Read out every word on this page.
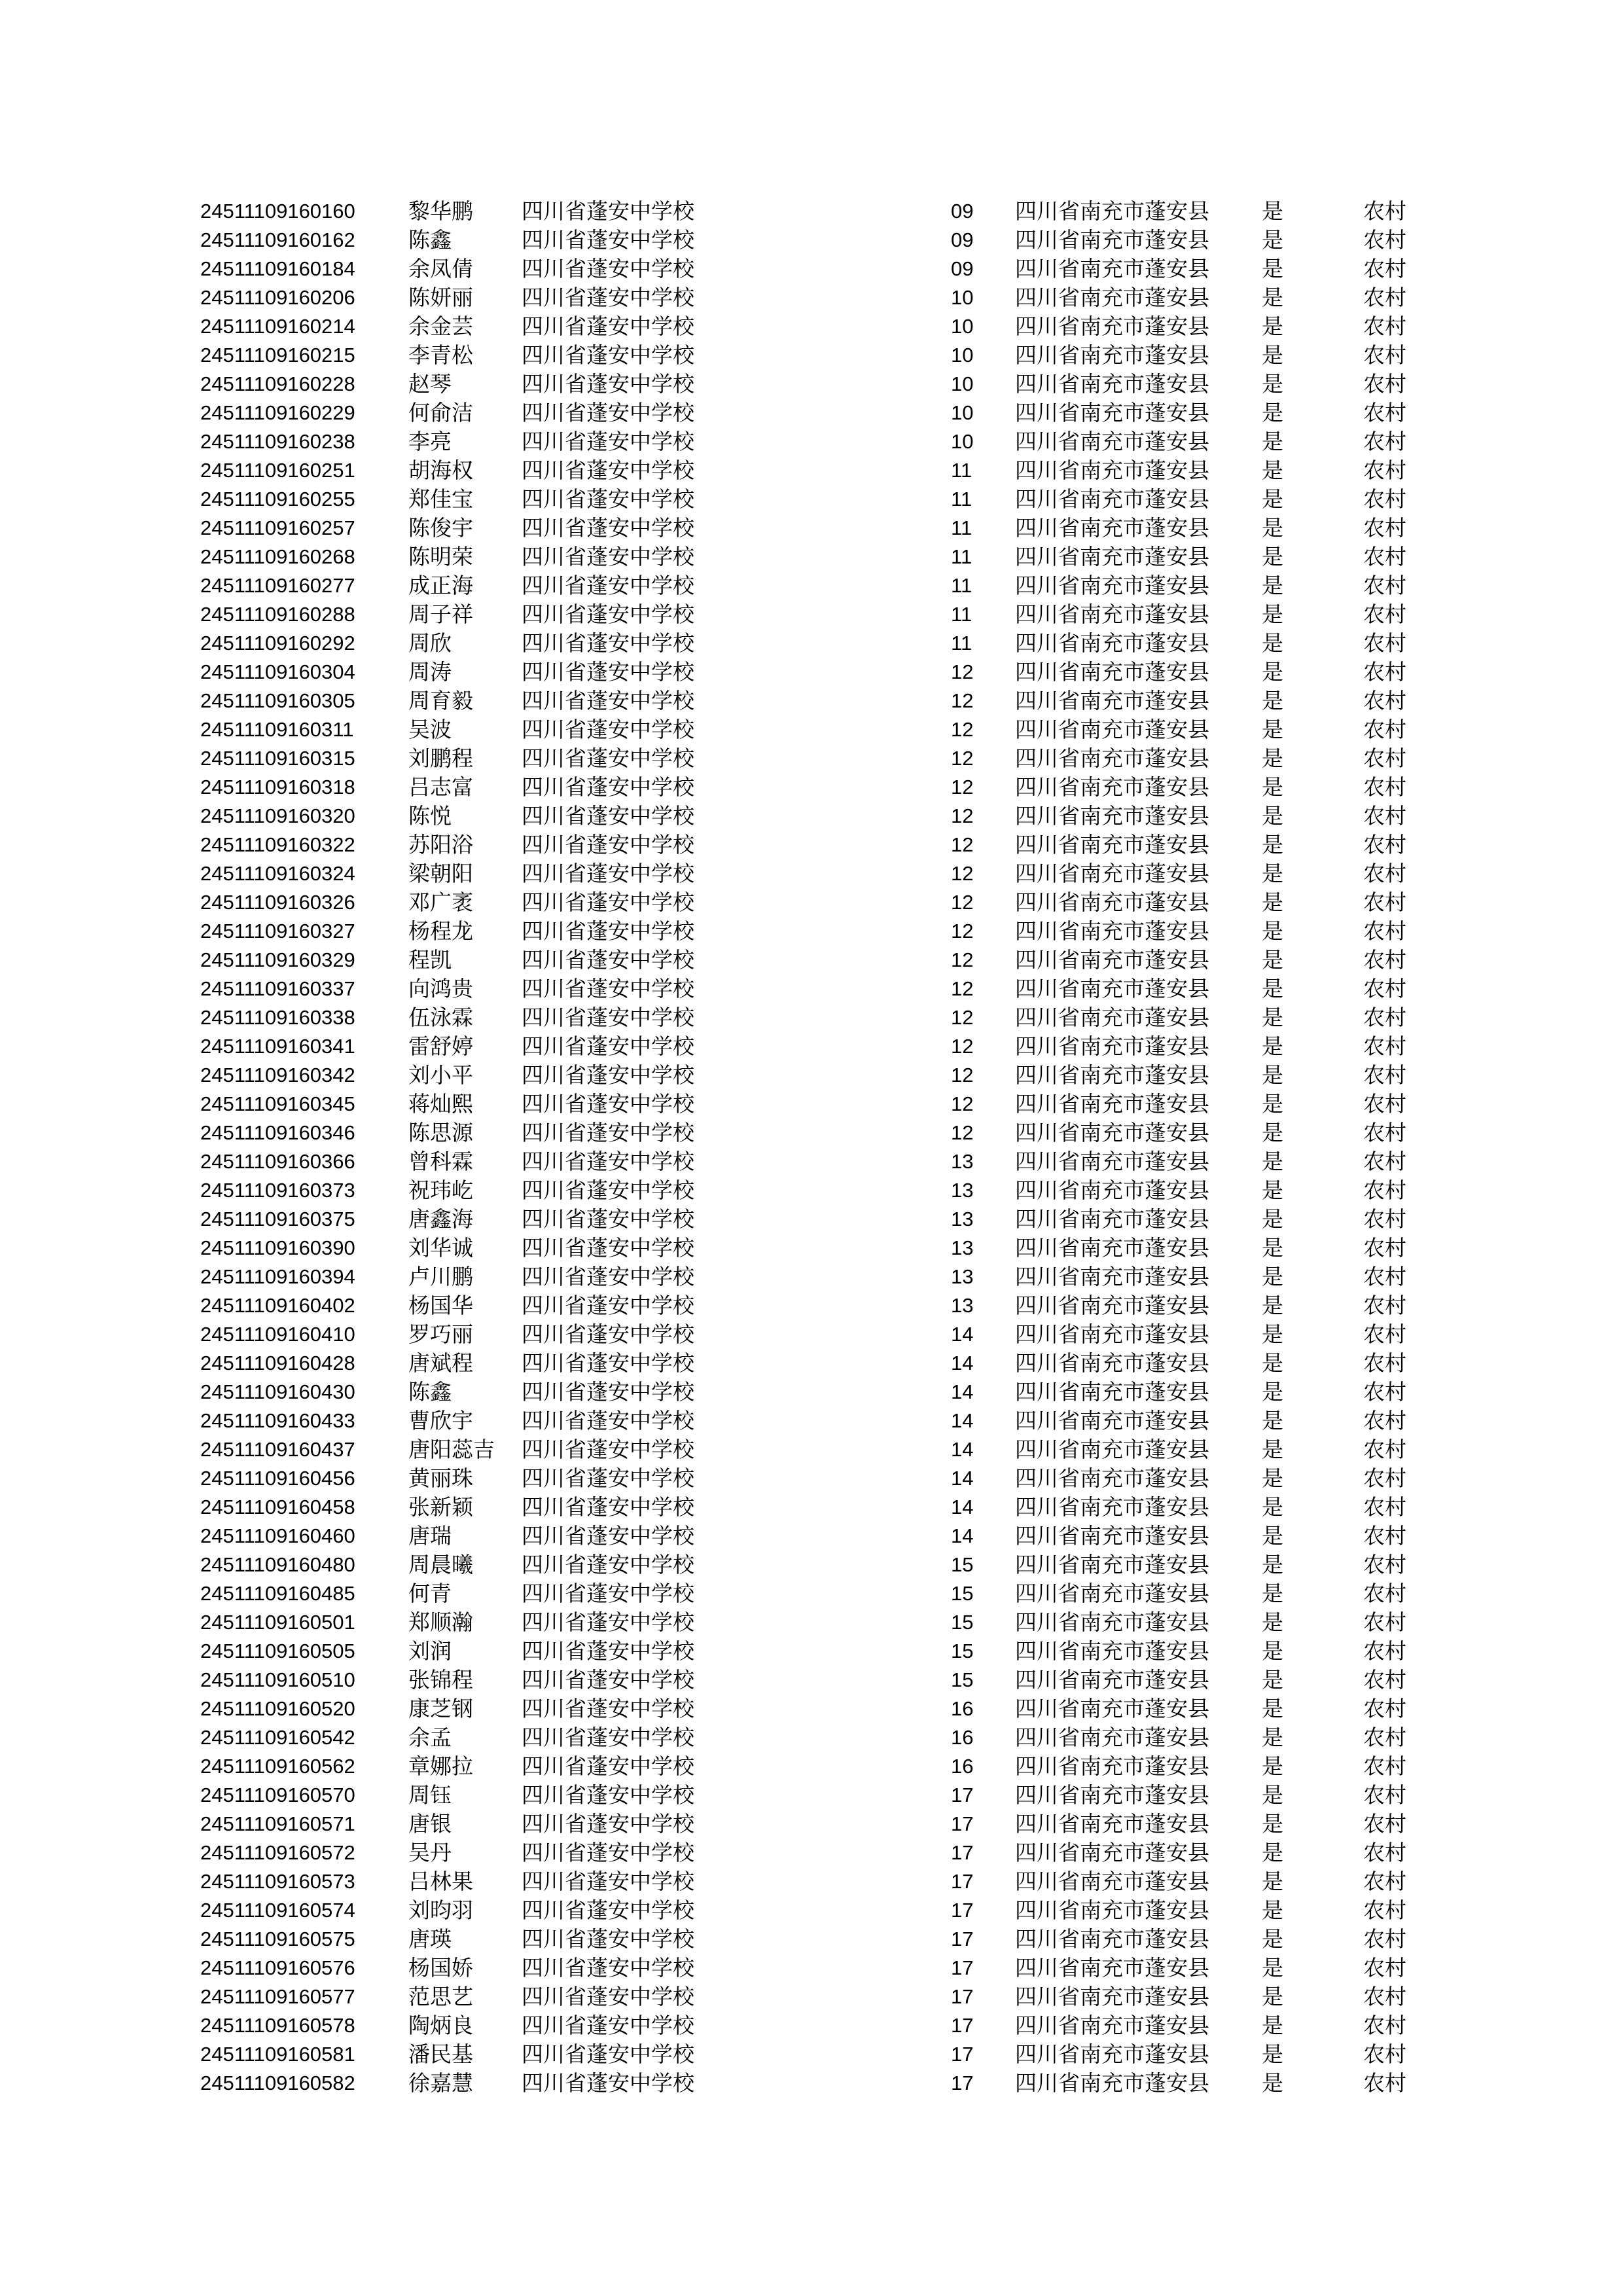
24511109160160	黎华鹏	四川省蓬安中学校	09	四川省南充市蓬安县	是	农村
24511109160162	陈鑫	四川省蓬安中学校	09	四川省南充市蓬安县	是	农村
24511109160184	余凤倩	四川省蓬安中学校	09	四川省南充市蓬安县	是	农村
24511109160206	陈妍丽	四川省蓬安中学校	10	四川省南充市蓬安县	是	农村
24511109160214	余金芸	四川省蓬安中学校	10	四川省南充市蓬安县	是	农村
24511109160215	李青松	四川省蓬安中学校	10	四川省南充市蓬安县	是	农村
24511109160228	赵琴	四川省蓬安中学校	10	四川省南充市蓬安县	是	农村
24511109160229	何俞洁	四川省蓬安中学校	10	四川省南充市蓬安县	是	农村
24511109160238	李亮	四川省蓬安中学校	10	四川省南充市蓬安县	是	农村
24511109160251	胡海权	四川省蓬安中学校	11	四川省南充市蓬安县	是	农村
24511109160255	郑佳宝	四川省蓬安中学校	11	四川省南充市蓬安县	是	农村
24511109160257	陈俊宇	四川省蓬安中学校	11	四川省南充市蓬安县	是	农村
24511109160268	陈明荣	四川省蓬安中学校	11	四川省南充市蓬安县	是	农村
24511109160277	成正海	四川省蓬安中学校	11	四川省南充市蓬安县	是	农村
24511109160288	周子祥	四川省蓬安中学校	11	四川省南充市蓬安县	是	农村
24511109160292	周欣	四川省蓬安中学校	11	四川省南充市蓬安县	是	农村
24511109160304	周涛	四川省蓬安中学校	12	四川省南充市蓬安县	是	农村
24511109160305	周育毅	四川省蓬安中学校	12	四川省南充市蓬安县	是	农村
24511109160311	吴波	四川省蓬安中学校	12	四川省南充市蓬安县	是	农村
24511109160315	刘鹏程	四川省蓬安中学校	12	四川省南充市蓬安县	是	农村
24511109160318	吕志富	四川省蓬安中学校	12	四川省南充市蓬安县	是	农村
24511109160320	陈悦	四川省蓬安中学校	12	四川省南充市蓬安县	是	农村
24511109160322	苏阳浴	四川省蓬安中学校	12	四川省南充市蓬安县	是	农村
24511109160324	梁朝阳	四川省蓬安中学校	12	四川省南充市蓬安县	是	农村
24511109160326	邓广袤	四川省蓬安中学校	12	四川省南充市蓬安县	是	农村
24511109160327	杨程龙	四川省蓬安中学校	12	四川省南充市蓬安县	是	农村
24511109160329	程凯	四川省蓬安中学校	12	四川省南充市蓬安县	是	农村
24511109160337	向鸿贵	四川省蓬安中学校	12	四川省南充市蓬安县	是	农村
24511109160338	伍泳霖	四川省蓬安中学校	12	四川省南充市蓬安县	是	农村
24511109160341	雷舒婷	四川省蓬安中学校	12	四川省南充市蓬安县	是	农村
24511109160342	刘小平	四川省蓬安中学校	12	四川省南充市蓬安县	是	农村
24511109160345	蒋灿熙	四川省蓬安中学校	12	四川省南充市蓬安县	是	农村
24511109160346	陈思源	四川省蓬安中学校	12	四川省南充市蓬安县	是	农村
24511109160366	曾科霖	四川省蓬安中学校	13	四川省南充市蓬安县	是	农村
24511109160373	祝玮屹	四川省蓬安中学校	13	四川省南充市蓬安县	是	农村
24511109160375	唐鑫海	四川省蓬安中学校	13	四川省南充市蓬安县	是	农村
24511109160390	刘华诚	四川省蓬安中学校	13	四川省南充市蓬安县	是	农村
24511109160394	卢川鹏	四川省蓬安中学校	13	四川省南充市蓬安县	是	农村
24511109160402	杨国华	四川省蓬安中学校	13	四川省南充市蓬安县	是	农村
24511109160410	罗巧丽	四川省蓬安中学校	14	四川省南充市蓬安县	是	农村
24511109160428	唐斌程	四川省蓬安中学校	14	四川省南充市蓬安县	是	农村
24511109160430	陈鑫	四川省蓬安中学校	14	四川省南充市蓬安县	是	农村
24511109160433	曹欣宇	四川省蓬安中学校	14	四川省南充市蓬安县	是	农村
24511109160437	唐阳蕊吉	四川省蓬安中学校	14	四川省南充市蓬安县	是	农村
24511109160456	黄丽珠	四川省蓬安中学校	14	四川省南充市蓬安县	是	农村
24511109160458	张新颖	四川省蓬安中学校	14	四川省南充市蓬安县	是	农村
24511109160460	唐瑞	四川省蓬安中学校	14	四川省南充市蓬安县	是	农村
24511109160480	周晨曦	四川省蓬安中学校	15	四川省南充市蓬安县	是	农村
24511109160485	何青	四川省蓬安中学校	15	四川省南充市蓬安县	是	农村
24511109160501	郑顺瀚	四川省蓬安中学校	15	四川省南充市蓬安县	是	农村
24511109160505	刘润	四川省蓬安中学校	15	四川省南充市蓬安县	是	农村
24511109160510	张锦程	四川省蓬安中学校	15	四川省南充市蓬安县	是	农村
24511109160520	康芝钢	四川省蓬安中学校	16	四川省南充市蓬安县	是	农村
24511109160542	余孟	四川省蓬安中学校	16	四川省南充市蓬安县	是	农村
24511109160562	章娜拉	四川省蓬安中学校	16	四川省南充市蓬安县	是	农村
24511109160570	周钰	四川省蓬安中学校	17	四川省南充市蓬安县	是	农村
24511109160571	唐银	四川省蓬安中学校	17	四川省南充市蓬安县	是	农村
24511109160572	吴丹	四川省蓬安中学校	17	四川省南充市蓬安县	是	农村
24511109160573	吕林果	四川省蓬安中学校	17	四川省南充市蓬安县	是	农村
24511109160574	刘昀羽	四川省蓬安中学校	17	四川省南充市蓬安县	是	农村
24511109160575	唐瑛	四川省蓬安中学校	17	四川省南充市蓬安县	是	农村
24511109160576	杨国娇	四川省蓬安中学校	17	四川省南充市蓬安县	是	农村
24511109160577	范思艺	四川省蓬安中学校	17	四川省南充市蓬安县	是	农村
24511109160578	陶炳良	四川省蓬安中学校	17	四川省南充市蓬安县	是	农村
24511109160581	潘民基	四川省蓬安中学校	17	四川省南充市蓬安县	是	农村
24511109160582	徐嘉慧	四川省蓬安中学校	17	四川省南充市蓬安县	是	农村
